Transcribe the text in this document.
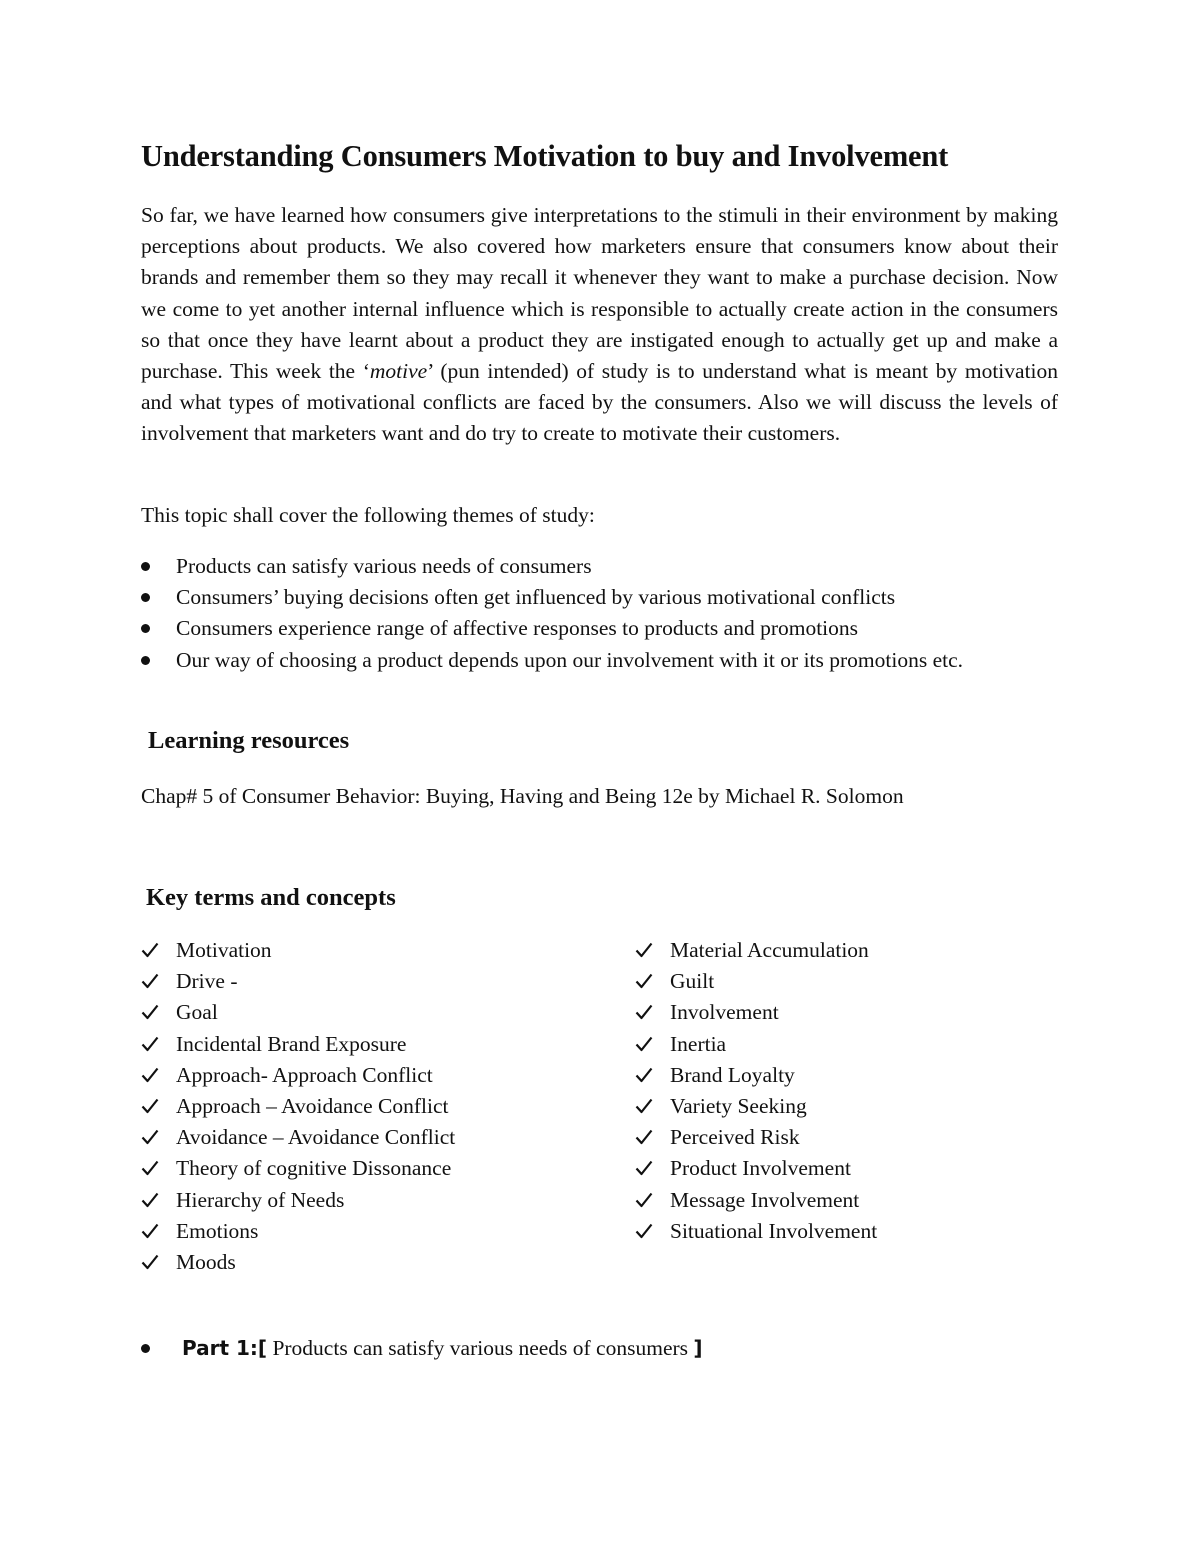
Understanding Consumers Motivation to buy and Involvement

So far, we have learned how consumers give interpretations to the stimuli in their environment by making perceptions about products. We also covered how marketers ensure that consumers know about their brands and remember them so they may recall it whenever they want to make a purchase decision. Now we come to yet another internal influence which is responsible to actually create action in the consumers so that once they have learnt about a product they are instigated enough to actually get up and make a purchase. This week the ‘motive’ (pun intended) of study is to understand what is meant by motivation and what types of motivational conflicts are faced by the consumers. Also we will discuss the levels of involvement that marketers want and do try to create to motivate their customers.

This topic shall cover the following themes of study:

Products can satisfy various needs of consumers
Consumers’ buying decisions often get influenced by various motivational conflicts
Consumers experience range of affective responses to products and promotions
Our way of choosing a product depends upon our involvement with it or its promotions etc.
Learning resources

Chap# 5 of Consumer Behavior: Buying, Having and Being 12e by Michael R. Solomon

Key terms and concepts
Motivation
Drive -
Goal
Incidental Brand Exposure
Approach- Approach Conflict
Approach – Avoidance Conflict
Avoidance – Avoidance Conflict
Theory of cognitive Dissonance
Hierarchy of Needs
Emotions
Moods
Material Accumulation
Guilt
Involvement
Inertia
Brand Loyalty
Variety Seeking
Perceived Risk
Product Involvement
Message Involvement
Situational Involvement

Part 1:[ Products can satisfy various needs of consumers ]
